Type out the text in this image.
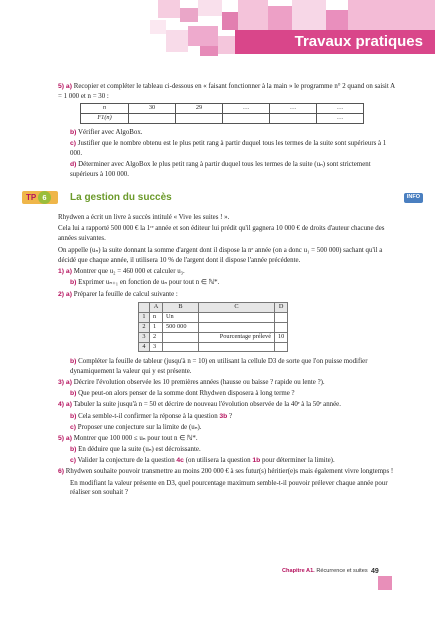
Travaux pratiques
5) a) Recopier et compléter le tableau ci-dessous en « faisant fonctionner à la main » le programme n° 2 quand on saisit A = 1 000 et n = 30 :
n	30	29	…	…	…
F1(n)					…
b) Vérifier avec AlgoBox.
c) Justifier que le nombre obtenu est le plus petit rang à partir duquel tous les termes de la suite sont supérieurs à 1 000.
d) Déterminer avec AlgoBox le plus petit rang à partir duquel tous les termes de la suite (uₙ) sont strictement supérieurs à 100 000.
TP 6	La gestion du succès	INFO
Rhydwen a écrit un livre à succès intitulé « Vive les suites ! ».
Cela lui a rapporté 500 000 € la 1ʳᵉ année et son éditeur lui prédit qu'il gagnera 10 000 € de droits d'auteur chacune des années suivantes.
On appelle (uₙ) la suite donnant la somme d'argent dont il dispose la nᵉ année (on a donc u₁ = 500 000) sachant qu'il a décidé que chaque année, il utilisera 10 % de l'argent dont il dispose l'année précédente.
1) a) Montrer que u₂ = 460 000 et calculer u₃.
b) Exprimer uₙ₊₁ en fonction de uₙ pour tout n ∈ ℕ*.
2) a) Préparer la feuille de calcul suivante :
	A	B	C	D
1	n	Un		
2	1	500 000		
3	2		Pourcentage prélevé	10
4	3			
b) Compléter la feuille de tableur (jusqu'à n = 10) en utilisant la cellule D3 de sorte que l'on puisse modifier dynamiquement la valeur qui y est présente.
3) a) Décrire l'évolution observée les 10 premières années (hausse ou baisse ? rapide ou lente ?).
b) Que peut-on alors penser de la somme dont Rhydwen disposera à long terme ?
4) a) Tabuler la suite jusqu'à n = 50 et décrire de nouveau l'évolution observée de la 40ᵉ à la 50ᵉ année.
b) Cela semble-t-il confirmer la réponse à la question 3b ?
c) Proposer une conjecture sur la limite de (uₙ).
5) a) Montrer que 100 000 ≤ uₙ pour tout n ∈ ℕ*.
b) En déduire que la suite (uₙ) est décroissante.
c) Valider la conjecture de la question 4c (on utilisera la question 1b pour déterminer la limite).
6) Rhydwen souhaite pouvoir transmettre au moins 200 000 € à ses futur(s) héritier(e)s mais également vivre longtemps !
En modifiant la valeur présente en D3, quel pourcentage maximum semble-t-il pouvoir prélever chaque année pour réaliser son souhait ?
Chapitre A1. Récurrence et suites 49
